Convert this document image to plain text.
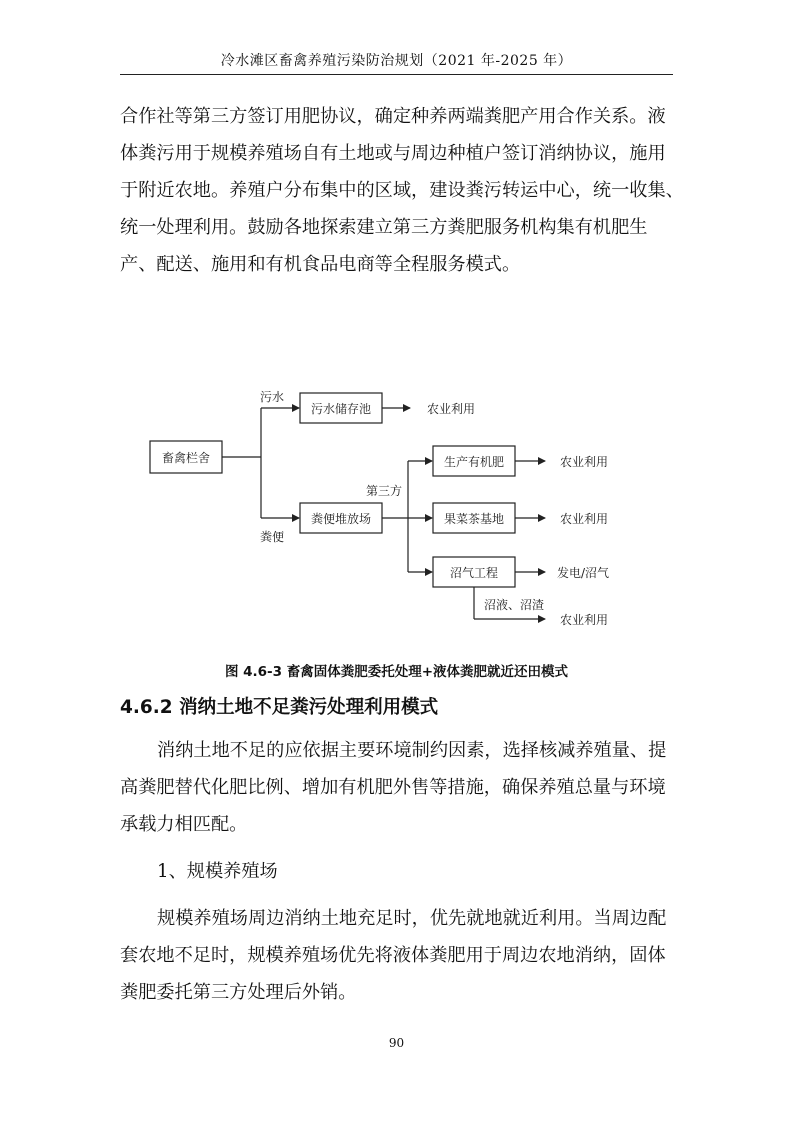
冷水滩区畜禽养殖污染防治规划（2021 年-2025 年）

合作社等第三方签订用肥协议，确定种养两端粪肥产用合作关系。液
体粪污用于规模养殖场自有土地或与周边种植户签订消纳协议，施用
于附近农地。养殖户分布集中的区域，建设粪污转运中心，统一收集、
统一处理利用。鼓励各地探索建立第三方粪肥服务机构集有机肥生
产、配送、施用和有机食品电商等全程服务模式。

畜禽栏舍
污水
粪便
污水储存池	农业利用
粪便堆放场
第三方
生产有机肥	农业利用
果菜茶基地	农业利用
沼气工程	发电/沼气
沼液、沼渣
农业利用
图 4.6-3 畜禽固体粪肥委托处理+液体粪肥就近还田模式
4.6.2 消纳土地不足粪污处理利用模式

消纳土地不足的应依据主要环境制约因素，选择核减养殖量、提
高粪肥替代化肥比例、增加有机肥外售等措施，确保养殖总量与环境
承载力相匹配。
1、规模养殖场
规模养殖场周边消纳土地充足时，优先就地就近利用。当周边配
套农地不足时，规模养殖场优先将液体粪肥用于周边农地消纳，固体
粪肥委托第三方处理后外销。

90
